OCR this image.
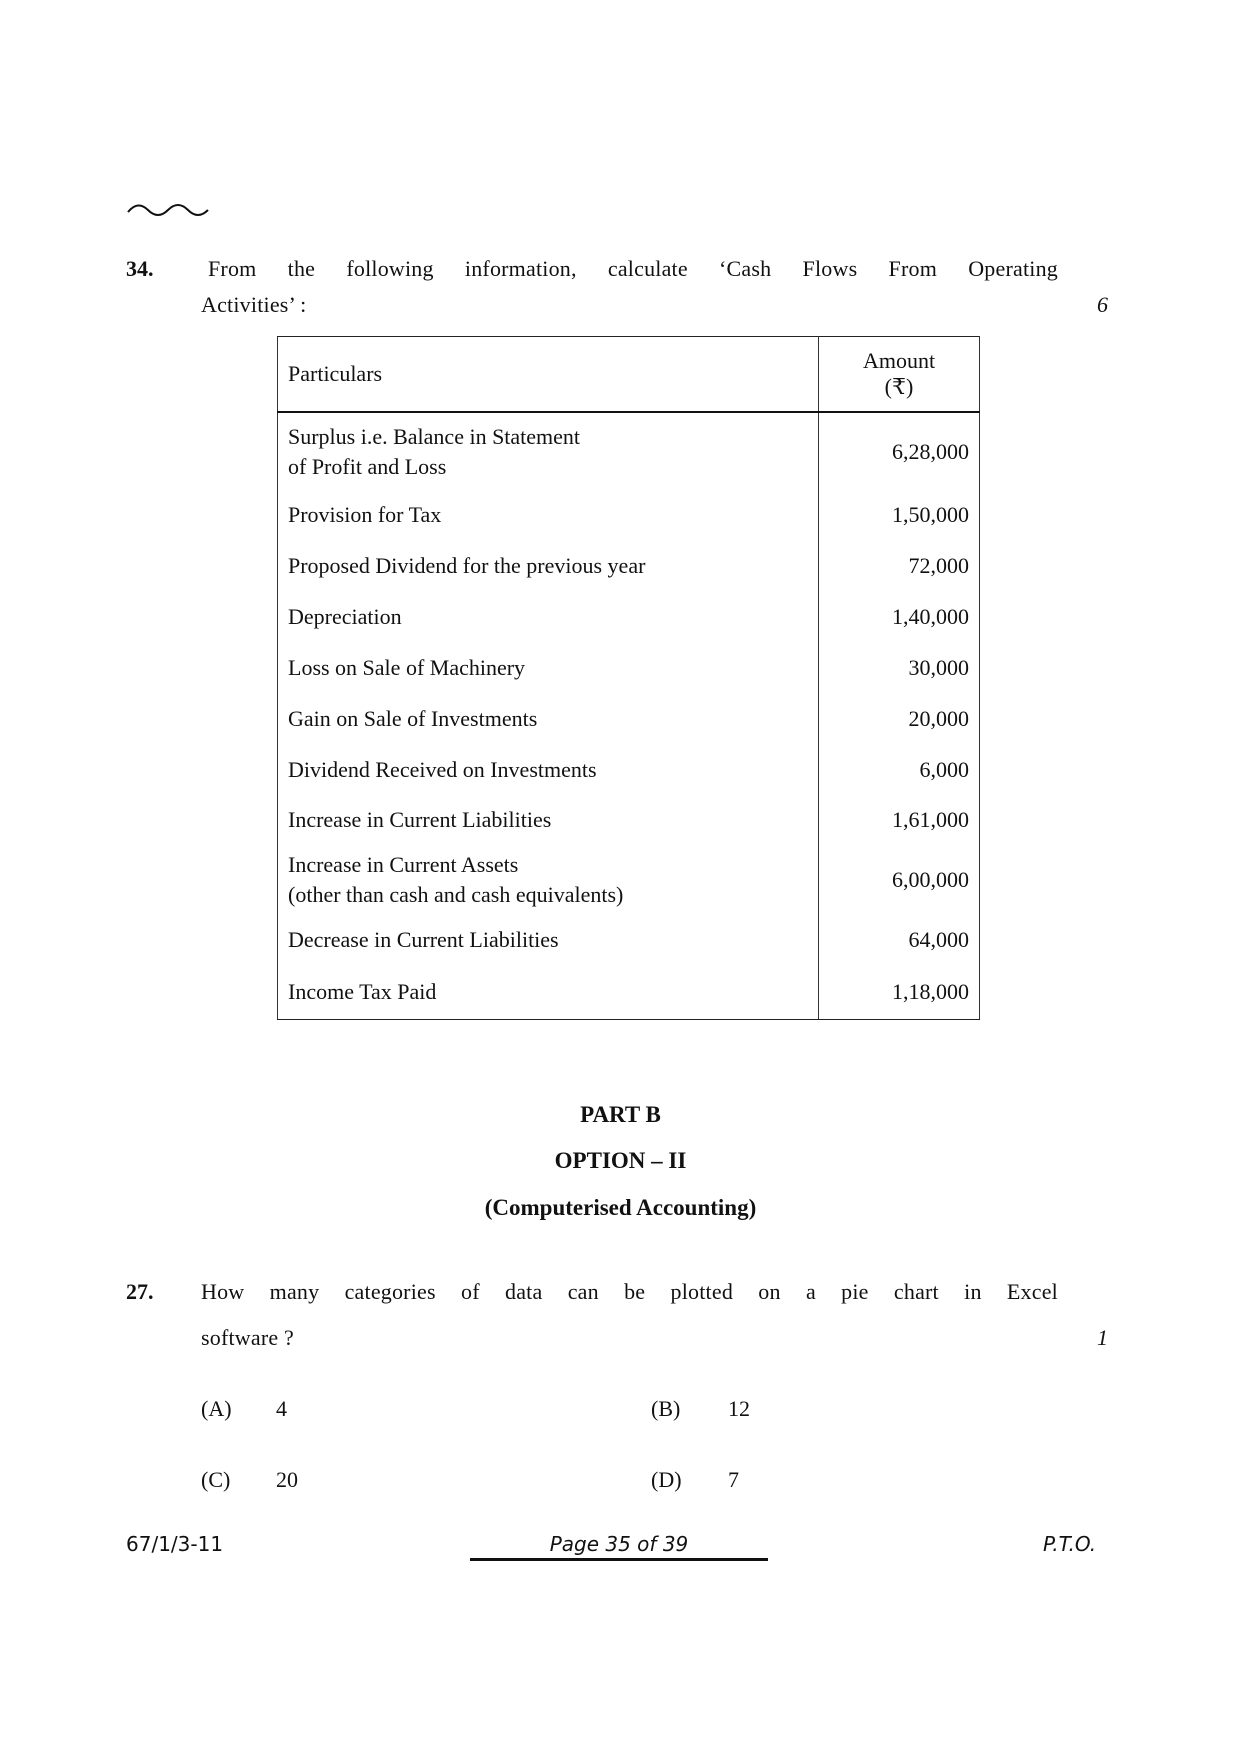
34. From the following information, calculate ‘Cash Flows From Operating
Activities’ :	6
Particulars	Amount
(₹)

Surplus i.e. Balance in Statement
of Profit and Loss	6,28,000
Provision for Tax	1,50,000
Proposed Dividend for the previous year	72,000
Depreciation	1,40,000
Loss on Sale of Machinery	30,000
Gain on Sale of Investments	20,000
Dividend Received on Investments	6,000
Increase in Current Liabilities	1,61,000

Increase in Current Assets
(other than cash and cash equivalents)	6,00,000
Decrease in Current Liabilities	64,000
Income Tax Paid	1,18,000
PART B
OPTION – II
(Computerised Accounting)
27. How many categories of data can be plotted on a pie chart in Excel
software ?	1
(A) 4	(B) 12
(C) 20	(D) 7
67/1/3-11	Page 35 of 39	P.T.O.
